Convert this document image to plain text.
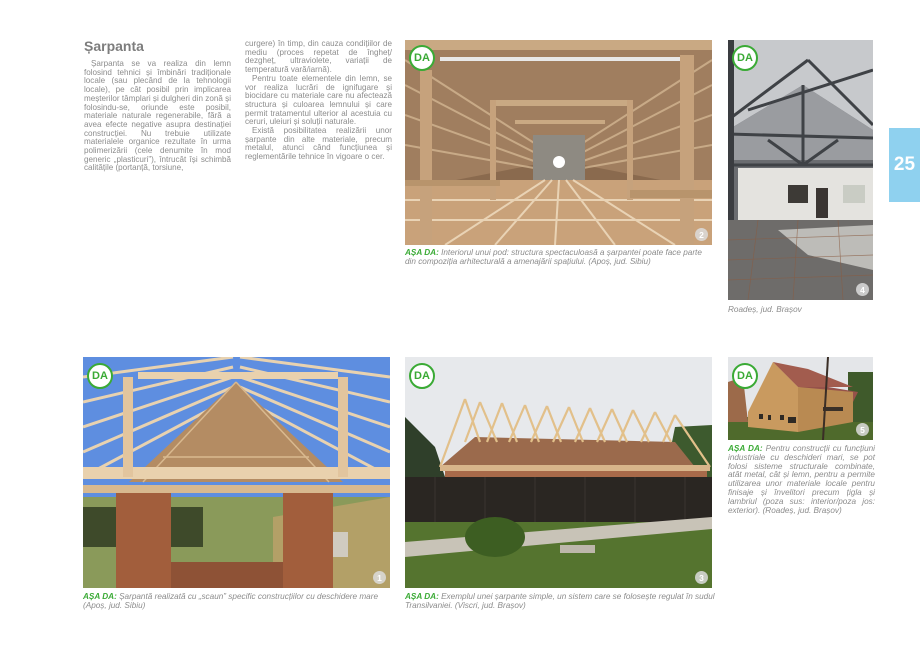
Șarpanta

Șarpanta se va realiza din lemn folosind tehnici și îmbinări tradiționale locale (sau plecând de la tehnologii locale), pe cât posibil prin implicarea meșterilor tâmplari și dulgheri din zonă și folosindu-se, oriunde este posibil, materiale naturale regenerabile, fără a avea efecte negative asupra destinației construcției. Nu trebuie utilizate materialele organice rezultate în urma polimerizării (cele denumite în mod generic „plasticuri”), întrucât își schimbă calitățile (portanță, torsiune,

curgere) în timp, din cauza condițiilor de mediu (proces repetat de îngheț/ dezgheț, ultraviolete, variații de temperatură vară/iarnă).

Pentru toate elementele din lemn, se vor realiza lucrări de ignifugare și biocidare cu materiale care nu afectează structura și culoarea lemnului și care permit tratamentul ulterior al acestuia cu ceruri, uleiuri și soluții naturale.

Există posibilitatea realizării unor șarpante din alte materiale, precum metalul, atunci când funcțiunea și reglementările tehnice în vigoare o cer.

DA
2
AȘA DA: Interiorul unui pod: structura spectaculoasă a șarpantei poate face parte din compoziția arhitecturală a amenajării spațiului. (Apoș, jud. Sibiu)
DA
4
Roadeș, jud. Brașov
DA
1
AȘA DA: Șarpantă realizată cu „scaun” specific construcțiilor cu deschidere mare (Apoș, jud. Sibiu)
DA
3
AȘA DA: Exemplul unei șarpante simple, un sistem care se folosește regulat în sudul Transilvaniei. (Viscri, jud. Brașov)
DA
5
AȘA DA: Pentru construcții cu funcțiuni industriale cu deschideri mari, se pot folosi sisteme structurale combinate, atât metal, cât și lemn, pentru a permite utilizarea unor materiale locale pentru finisaje și învelitori precum țigla și lambriul (poza sus: interior/poza jos: exterior). (Roadeș, jud. Brașov)
25
